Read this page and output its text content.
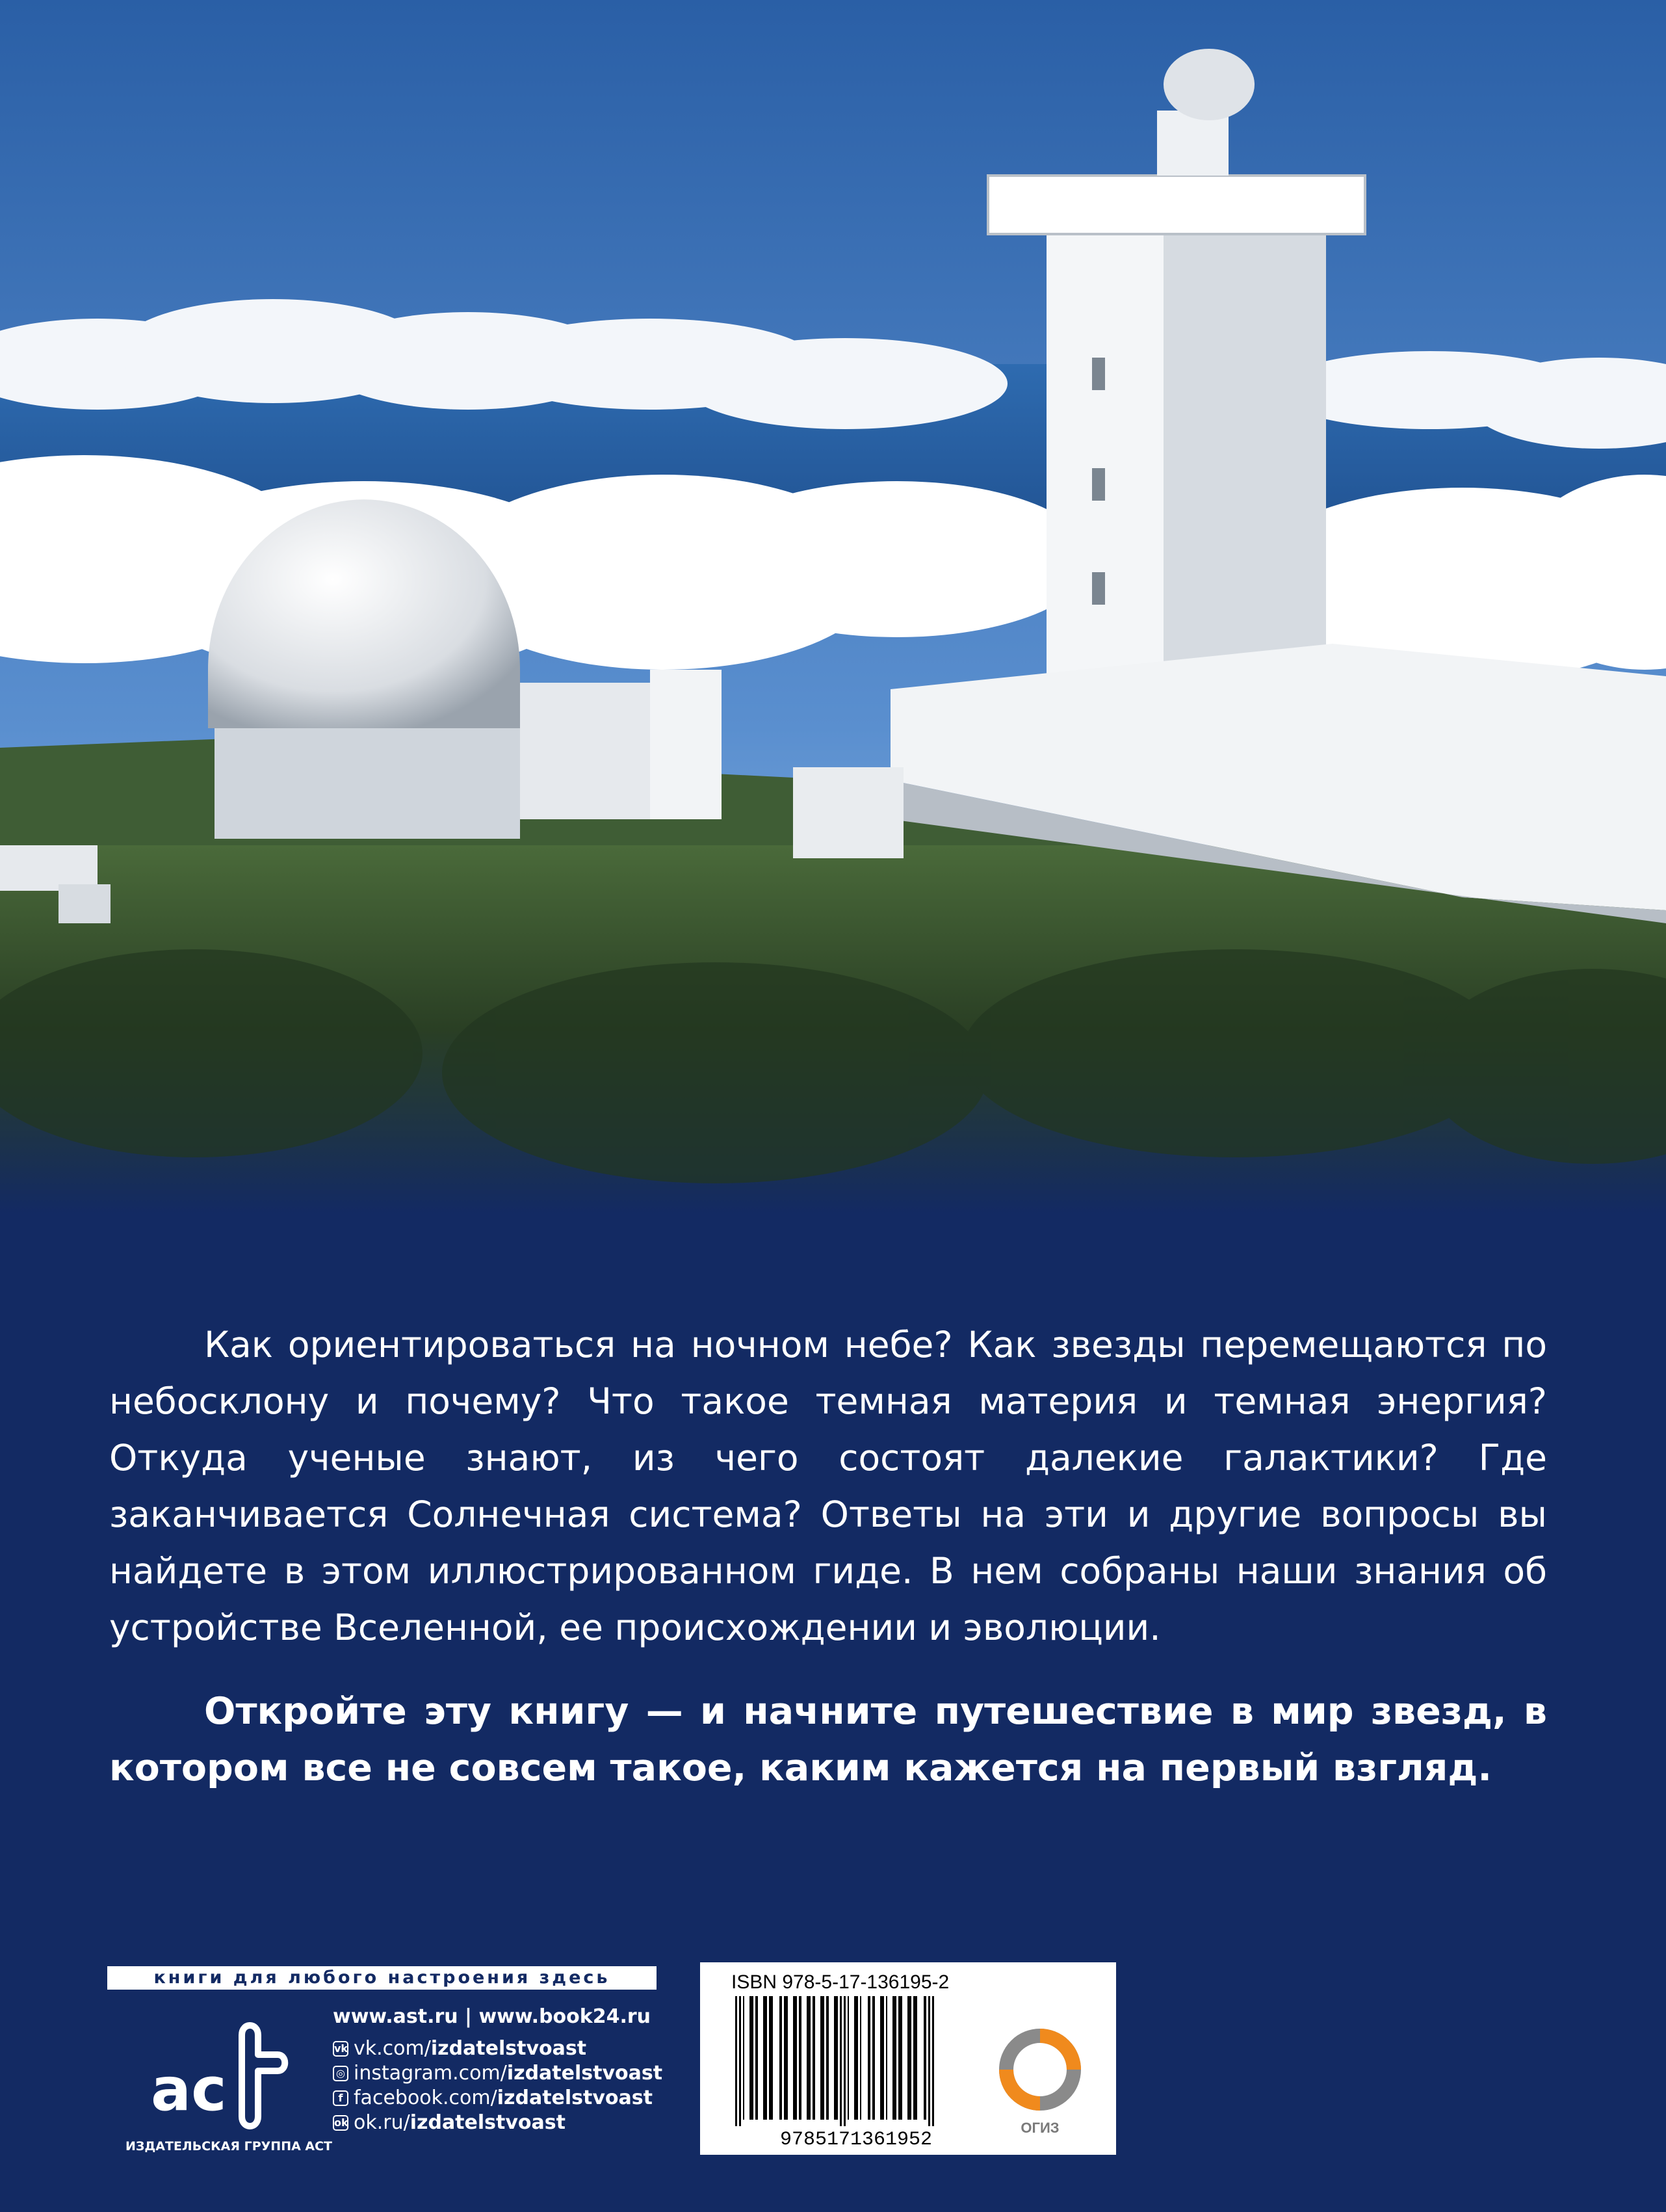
Как ориентироваться на ночном небе? Как звезды перемещаются по небосклону и почему? Что такое темная материя и темная энергия? Откуда ученые знают, из чего состоят далекие галактики? Где заканчивается Солнечная система? Ответы на эти и другие вопросы вы найдете в этом иллюстрированном гиде. В нем собраны наши знания об устройстве Вселенной, ее происхождении и эволюции.

Откройте эту книгу — и начните путешествие в мир звезд, в котором все не совсем такое, каким кажется на первый взгляд.

книги для любого настроения здесь
ac
ИЗДАТЕЛЬСКАЯ ГРУППА АСТ
www.ast.ru | www.book24.ru
vk vk.com/ izdatelstvoast
◎ instagram.com/ izdatelstvoast
f facebook.com/ izdatelstvoast
ok ok.ru/ izdatelstvoast
ISBN 978-5-17-136195-2
9785171361952
ОГИЗ
